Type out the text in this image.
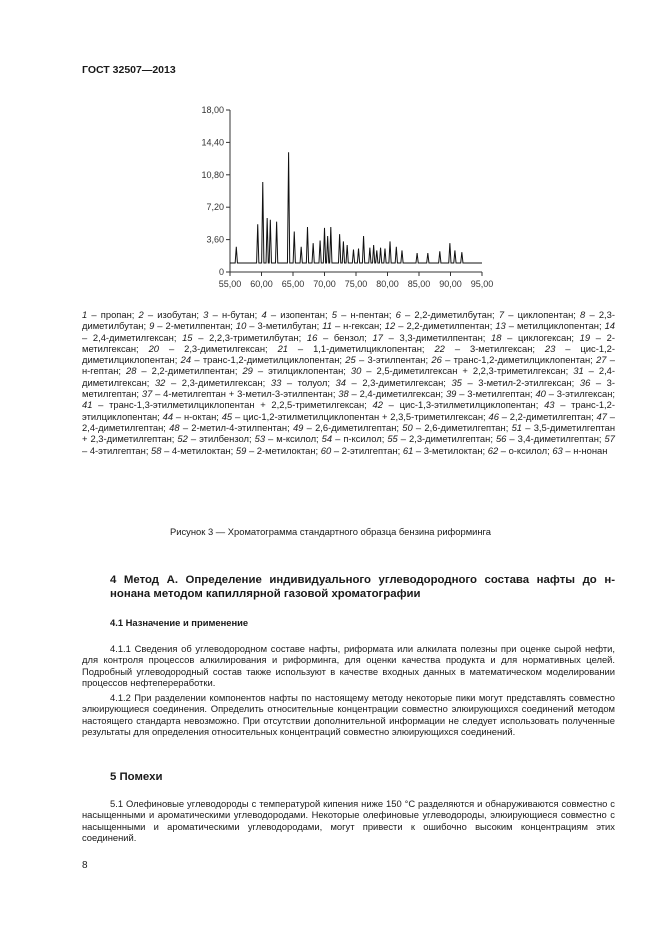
ГОСТ 32507—2013
0
3,60
7,20
10,80
14,40
18,00
55,00 60,00 65,00 70,00 75,00 80,00 85,00 90,00 95,00
1 – пропан; 2 – изобутан; 3 – н-бутан; 4 – изопентан; 5 – н-пентан; 6 – 2,2-диметилбутан; 7 – циклопентан; 8 – 2,3-диметилбутан; 9 – 2-метилпентан; 10 – 3-метилбутан; 11 – н-гексан; 12 – 2,2-диметилпентан; 13 – метилциклопентан; 14 – 2,4-диметилгексан; 15 – 2,2,3-триметилбутан; 16 – бензол; 17 – 3,3-диметилпентан; 18 – циклогексан; 19 – 2-метилгексан; 20 – 2,3-диметилгексан; 21 – 1,1-диметилциклопентан; 22 – 3-метилгексан; 23 – цис-1,2-диметилциклопентан; 24 – транс-1,2-диметилциклопентан; 25 – 3-этилпентан; 26 – транс-1,2-диметилциклопентан; 27 – н-гептан; 28 – 2,2-диметилпентан; 29 – этилциклопентан; 30 – 2,5-диметилгексан + 2,2,3-триметилгексан; 31 – 2,4-диметилгексан; 32 – 2,3-диметилгексан; 33 – толуол; 34 – 2,3-диметилгексан; 35 – 3-метил-2-этилгексан; 36 – 3-метилгептан; 37 – 4-метилгептан + 3-метил-3-этилпентан; 38 – 2,4-диметилгексан; 39 – 3-метилгептан; 40 – 3-этилгексан; 41 – транс-1,3-этилметилциклопентан + 2,2,5-триметилгексан; 42 – цис-1,3-этилметилциклопентан; 43 – транс-1,2-этилциклопентан; 44 – н-октан; 45 – цис-1,2-этилметилциклопентан + 2,3,5-триметилгексан; 46 – 2,2-диметилгептан; 47 – 2,4-диметилгептан; 48 – 2-метил-4-этилпентан; 49 – 2,6-диметилгептан; 50 – 2,6-диметилгептан; 51 – 3,5-диметилгептан + 2,3-диметилгептан; 52 – этилбензол; 53 – м-ксилол; 54 – п-ксилол; 55 – 2,3-диметилгептан; 56 – 3,4-диметилгептан; 57 – 4-этилгептан; 58 – 4-метилоктан; 59 – 2-метилоктан; 60 – 2-этилгептан; 61 – 3-метилоктан; 62 – о-ксилол; 63 – н-нонан
Рисунок 3 — Хроматограмма стандартного образца бензина риформинга
4 Метод А. Определение индивидуального углеводородного состава нафты до н-нонана методом капиллярной газовой хроматографии
4.1 Назначение и применение
4.1.1 Сведения об углеводородном составе нафты, риформата или алкилата полезны при оценке сырой нефти, для контроля процессов алкилирования и риформинга, для оценки качества продукта и для нормативных целей. Подробный углеводородный состав также используют в качестве входных данных в математическом моделировании процессов нефтепереработки.
4.1.2 При разделении компонентов нафты по настоящему методу некоторые пики могут представлять совместно элюирующиеся соединения. Определить относительные концентрации совместно элюирующихся соединений методом настоящего стандарта невозможно. При отсутствии дополнительной информации не следует использовать полученные результаты для определения относительных концентраций совместно элюирующихся соединений.
5 Помехи
5.1 Олефиновые углеводороды с температурой кипения ниже 150 °С разделяются и обнаруживаются совместно с насыщенными и ароматическими углеводородами. Некоторые олефиновые углеводороды, элюирующиеся совместно с насыщенными и ароматическими углеводородами, могут привести к ошибочно высоким концентрациям этих соединений.
8
